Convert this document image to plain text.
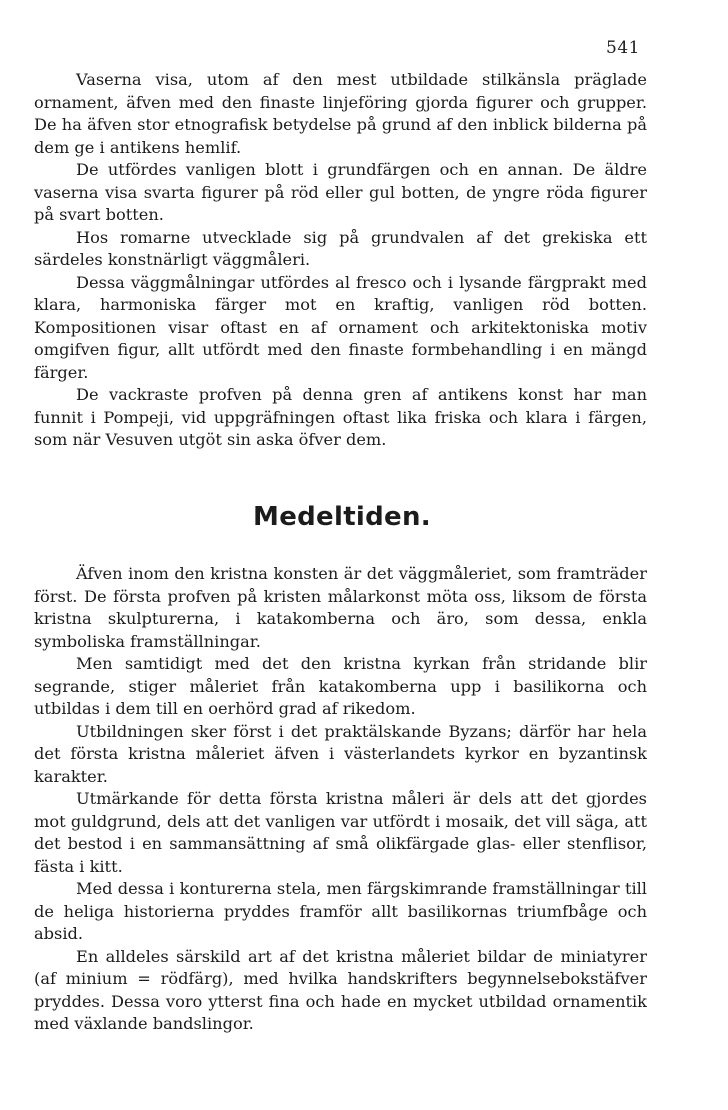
541

Vaserna visa, utom af den mest utbildade stilkänsla präglade ornament, äfven med den finaste linjeföring gjorda figurer och grupper. De ha äfven stor etnografisk betydelse på grund af den inblick bilderna på dem ge i antikens hemlif.

De utfördes vanligen blott i grundfärgen och en annan. De äldre vaserna visa svarta figurer på röd eller gul botten, de yngre röda figurer på svart botten.

Hos romarne utvecklade sig på grundvalen af det grekiska ett särdeles konstnärligt väggmåleri.

Dessa väggmålningar utfördes al fresco och i lysande färgprakt med klara, harmoniska färger mot en kraftig, vanligen röd botten. Kompositionen visar oftast en af ornament och arkitektoniska motiv omgifven figur, allt utfördt med den finaste formbehandling i en mängd färger.

De vackraste profven på denna gren af antikens konst har man funnit i Pompeji, vid uppgräfningen oftast lika friska och klara i färgen, som när Vesuven utgöt sin aska öfver dem.

Medeltiden.

Äfven inom den kristna konsten är det väggmåleriet, som framträder först. De första profven på kristen målarkonst möta oss, liksom de första kristna skulpturerna, i katakomberna och äro, som dessa, enkla symboliska framställningar.

Men samtidigt med det den kristna kyrkan från stridande blir segrande, stiger måleriet från katakomberna upp i basilikorna och utbildas i dem till en oerhörd grad af rikedom.

Utbildningen sker först i det praktälskande Byzans; därför har hela det första kristna måleriet äfven i västerlandets kyrkor en byzantinsk karakter.

Utmärkande för detta första kristna måleri är dels att det gjordes mot guldgrund, dels att det vanligen var utfördt i mosaik, det vill säga, att det bestod i en sammansättning af små olikfärgade glas- eller stenflisor, fästa i kitt.

Med dessa i konturerna stela, men färgskimrande framställningar till de heliga historierna pryddes framför allt basilikornas triumfbåge och absid.

En alldeles särskild art af det kristna måleriet bildar de miniatyrer (af minium = rödfärg), med hvilka handskrifters begynnelsebokstäfver pryddes. Dessa voro ytterst fina och hade en mycket utbildad ornamentik med växlande bandslingor.
